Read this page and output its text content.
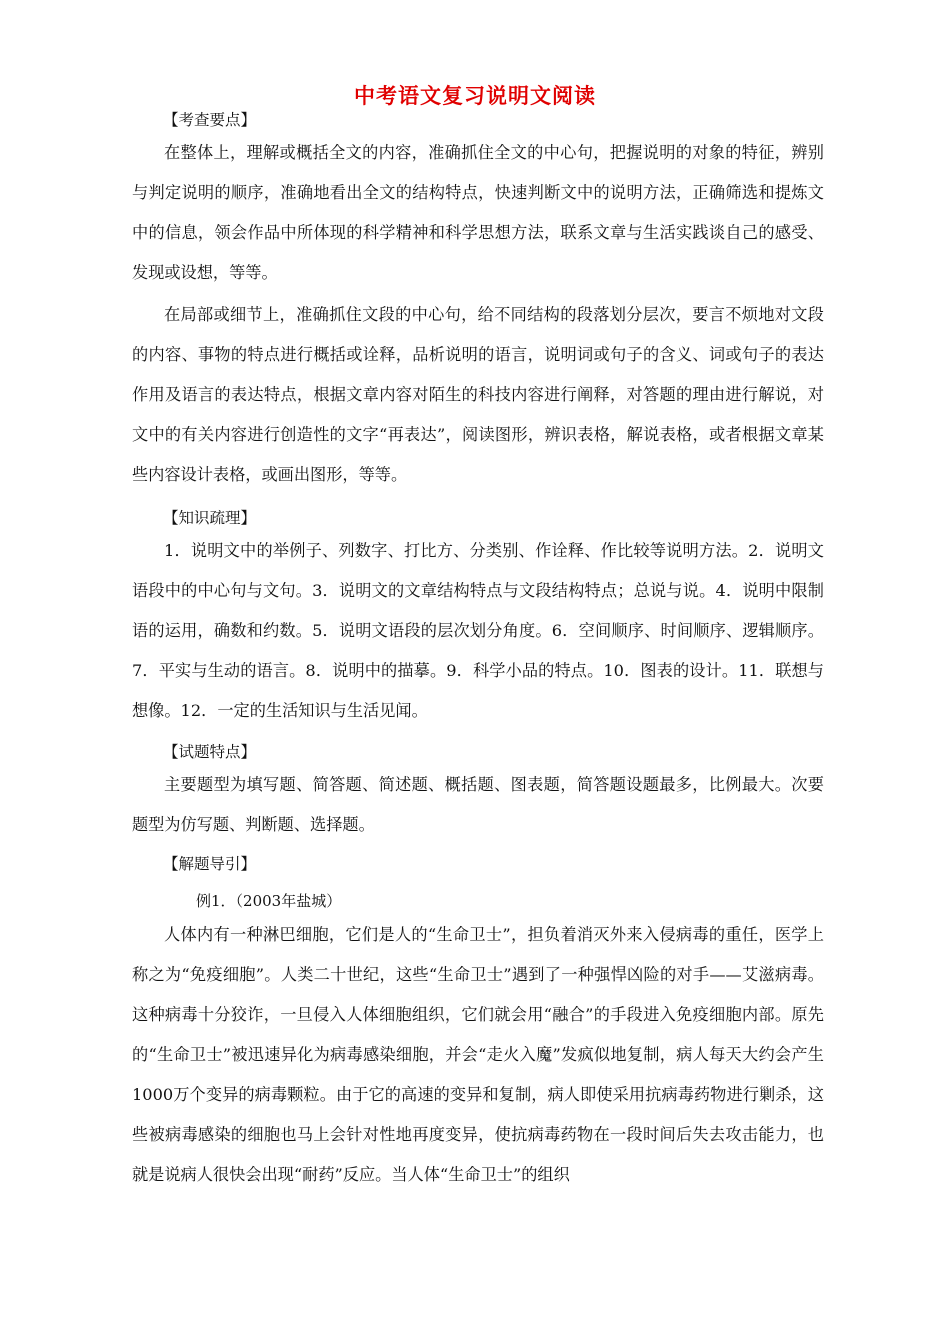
中考语文复习说明文阅读
【考查要点】

在整体上，理解或概括全文的内容，准确抓住全文的中心句，把握说明的对象的特征，辨别与判定说明的顺序，准确地看出全文的结构特点，快速判断文中的说明方法，正确筛选和提炼文中的信息，领会作品中所体现的科学精神和科学思想方法，联系文章与生活实践谈自己的感受、发现或设想，等等。

在局部或细节上，准确抓住文段的中心句，给不同结构的段落划分层次，要言不烦地对文段的内容、事物的特点进行概括或诠释，品析说明的语言，说明词或句子的含义、词或句子的表达作用及语言的表达特点，根据文章内容对陌生的科技内容进行阐释，对答题的理由进行解说，对文中的有关内容进行创造性的文字“再表达”，阅读图形，辨识表格，解说表格，或者根据文章某些内容设计表格，或画出图形，等等。

【知识疏理】

1．说明文中的举例子、列数字、打比方、分类别、作诠释、作比较等说明方法。2．说明文语段中的中心句与文句。3．说明文的文章结构特点与文段结构特点；总说与说。4．说明中限制语的运用，确数和约数。5．说明文语段的层次划分角度。6．空间顺序、时间顺序、逻辑顺序。7．平实与生动的语言。8．说明中的描摹。9．科学小品的特点。10．图表的设计。11．联想与想像。12．一定的生活知识与生活见闻。

【试题特点】

主要题型为填写题、简答题、简述题、概括题、图表题，简答题设题最多，比例最大。次要题型为仿写题、判断题、选择题。

【解题导引】
例1．（2003年盐城）

人体内有一种淋巴细胞，它们是人的“生命卫士”，担负着消灭外来入侵病毒的重任，医学上称之为“免疫细胞”。人类二十世纪，这些“生命卫士”遇到了一种强悍凶险的对手——艾滋病毒。这种病毒十分狡诈，一旦侵入人体细胞组织，它们就会用“融合”的手段进入免疫细胞内部。原先的“生命卫士”被迅速异化为病毒感染细胞，并会“走火入魔”发疯似地复制，病人每天大约会产生1000万个变异的病毒颗粒。由于它的高速的变异和复制，病人即使采用抗病毒药物进行剿杀，这些被病毒感染的细胞也马上会针对性地再度变异，使抗病毒药物在一段时间后失去攻击能力，也就是说病人很快会出现“耐药”反应。当人体“生命卫士”的组织
